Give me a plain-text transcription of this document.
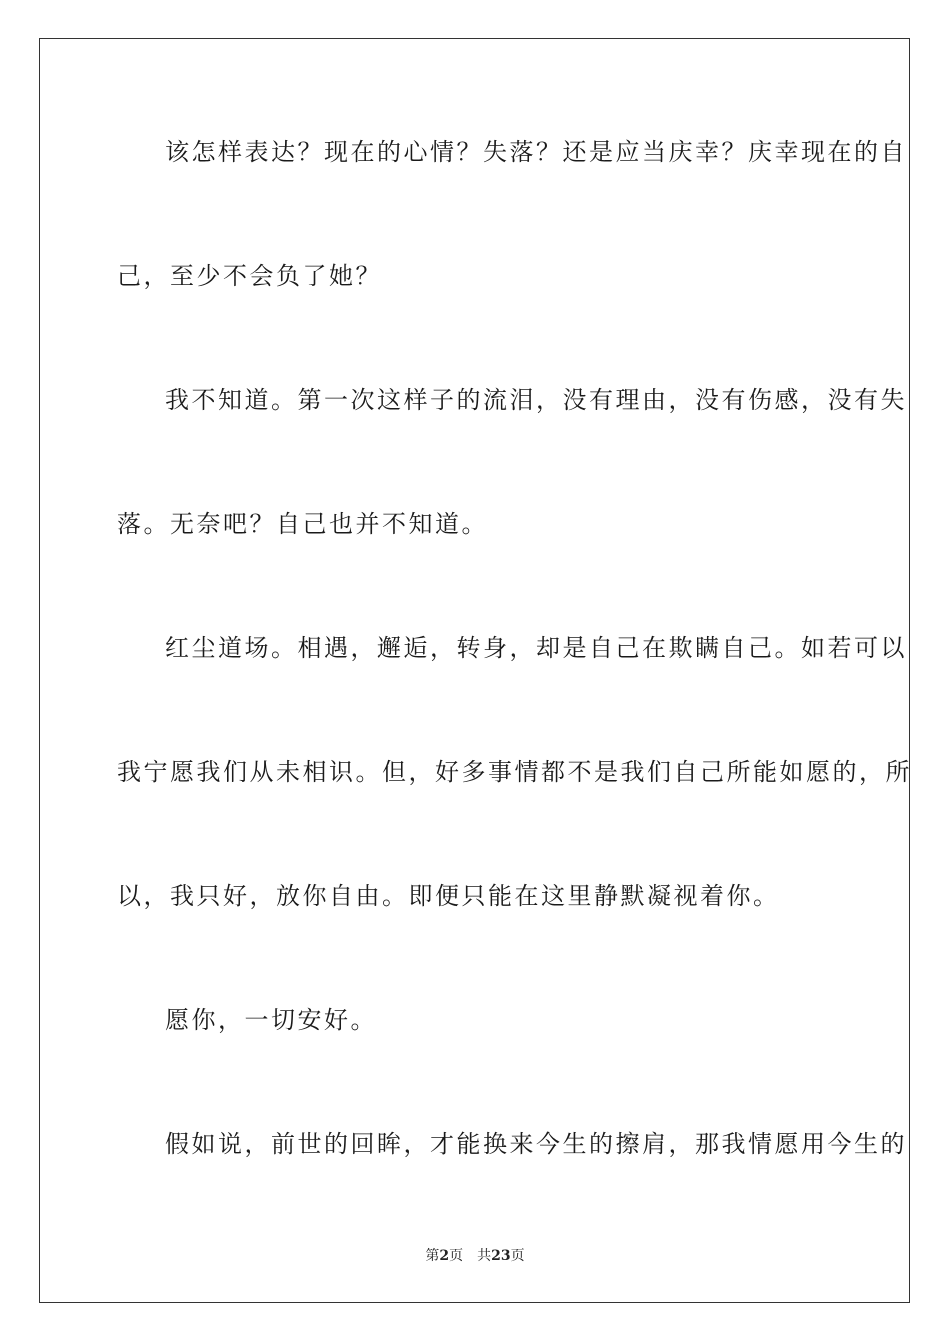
该怎样表达？现在的心情？失落？还是应当庆幸？庆幸现在的自
己，至少不会负了她？
我不知道。第一次这样子的流泪，没有理由，没有伤感，没有失
落。无奈吧？自己也并不知道。
红尘道场。相遇，邂逅，转身，却是自己在欺瞒自己。如若可以
我宁愿我们从未相识。但，好多事情都不是我们自己所能如愿的，所
以，我只好，放你自由。即便只能在这里静默凝视着你。
愿你，一切安好。
假如说，前世的回眸，才能换来今生的擦肩，那我情愿用今生的
第2页 共23页
